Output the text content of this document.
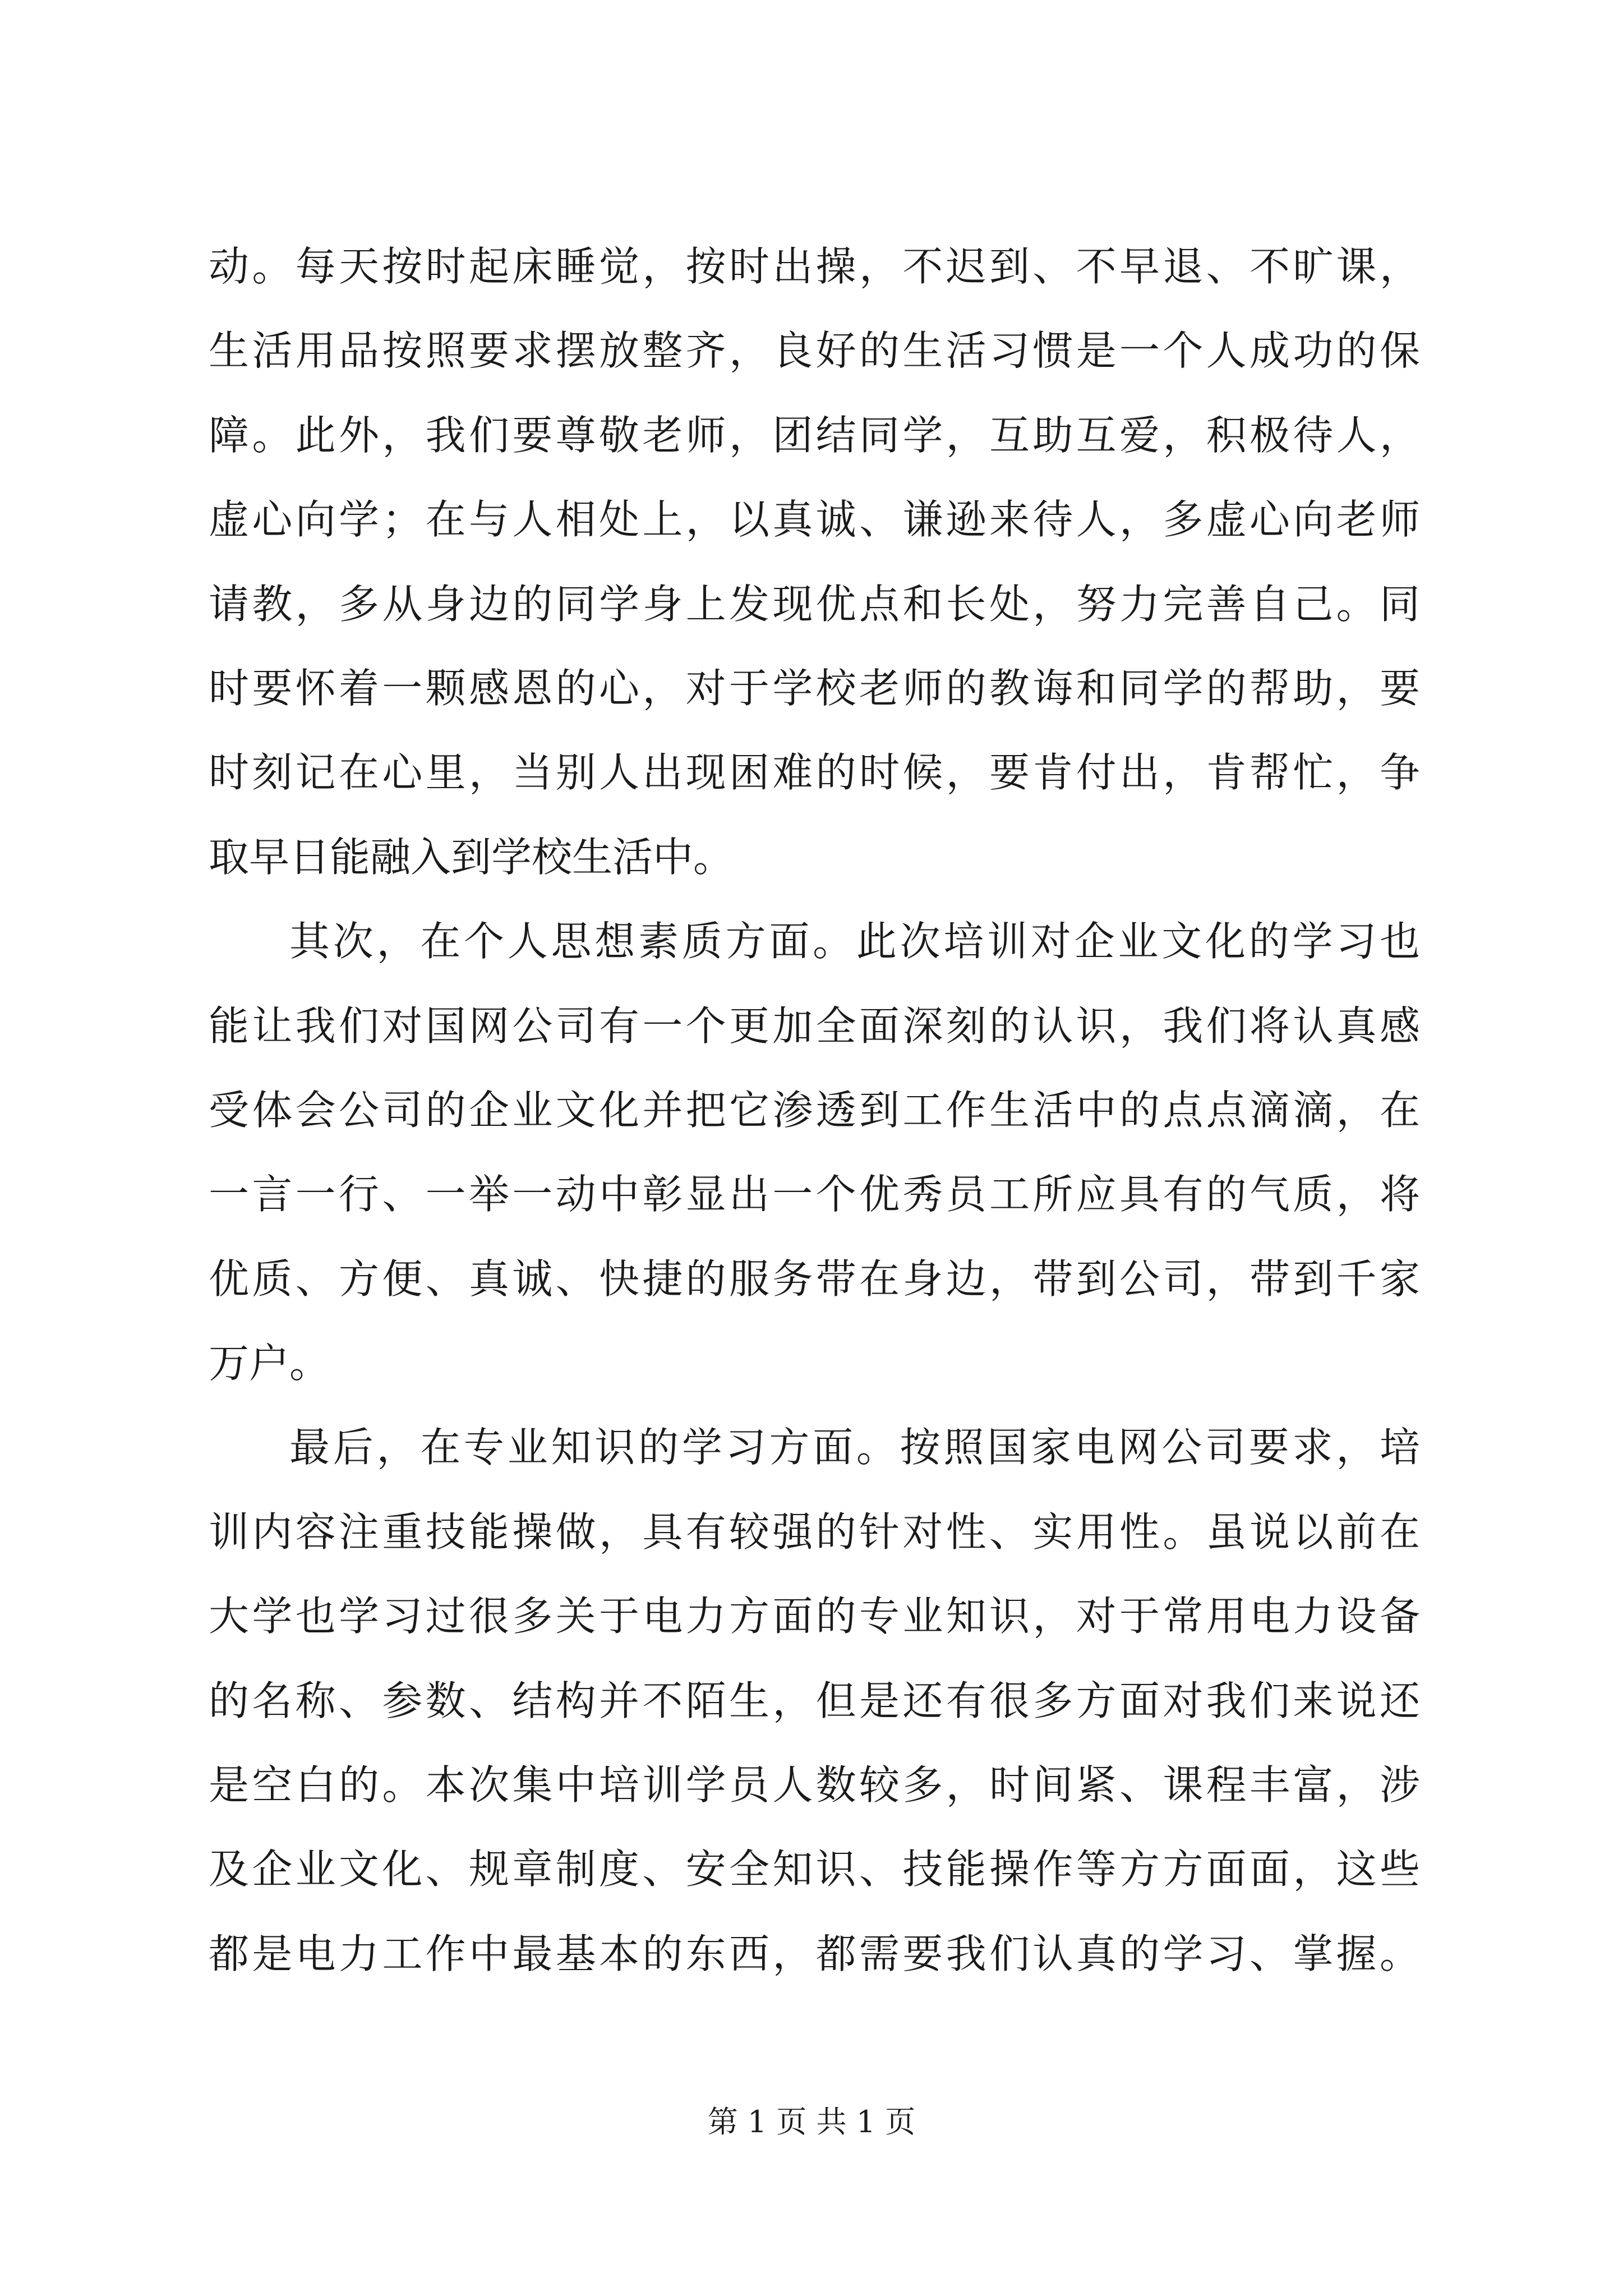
动。每天按时起床睡觉，按时出操，不迟到、不早退、不旷课，
生活用品按照要求摆放整齐，良好的生活习惯是一个人成功的保
障。此外，我们要尊敬老师，团结同学，互助互爱，积极待人，
虚心向学；在与人相处上，以真诚、谦逊来待人，多虚心向老师
请教，多从身边的同学身上发现优点和长处，努力完善自己。同
时要怀着一颗感恩的心，对于学校老师的教诲和同学的帮助，要
时刻记在心里，当别人出现困难的时候，要肯付出，肯帮忙，争
取早日能融入到学校生活中。
其次，在个人思想素质方面。此次培训对企业文化的学习也
能让我们对国网公司有一个更加全面深刻的认识，我们将认真感
受体会公司的企业文化并把它渗透到工作生活中的点点滴滴，在
一言一行、一举一动中彰显出一个优秀员工所应具有的气质，将
优质、方便、真诚、快捷的服务带在身边，带到公司，带到千家
万户。
最后，在专业知识的学习方面。按照国家电网公司要求，培
训内容注重技能操做，具有较强的针对性、实用性。虽说以前在
大学也学习过很多关于电力方面的专业知识，对于常用电力设备
的名称、参数、结构并不陌生，但是还有很多方面对我们来说还
是空白的。本次集中培训学员人数较多，时间紧、课程丰富，涉
及企业文化、规章制度、安全知识、技能操作等方方面面，这些
都是电力工作中最基本的东西，都需要我们认真的学习、掌握。
第 1 页 共 1 页
